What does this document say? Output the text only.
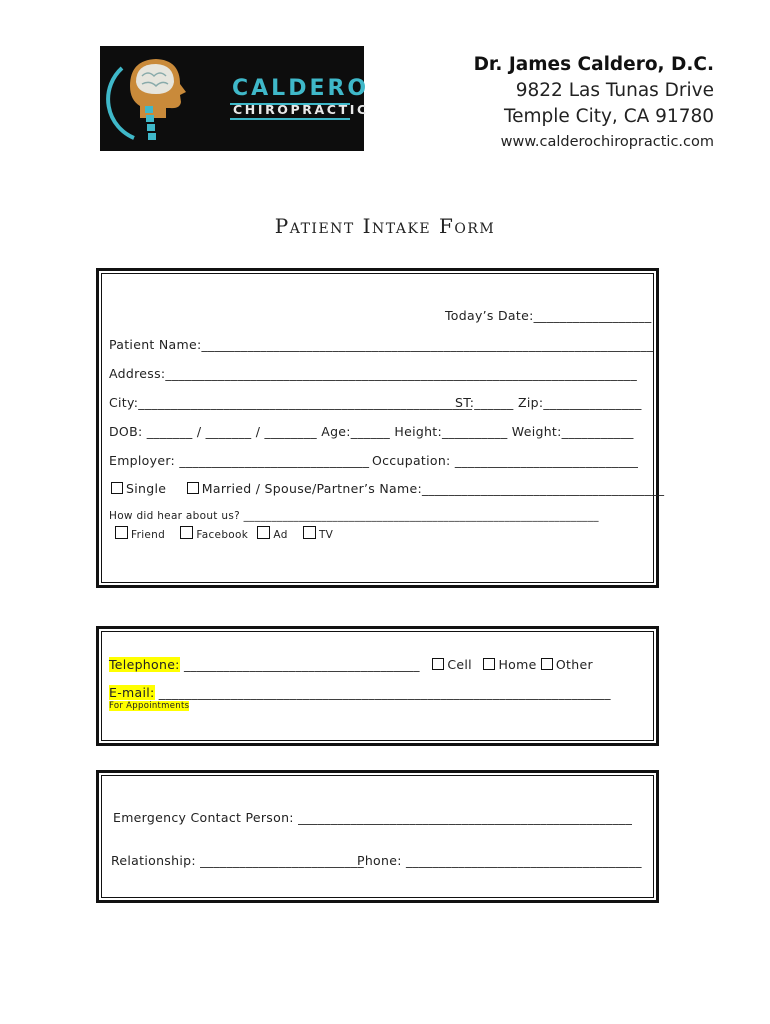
CALDERO
CHIROPRACTIC
Dr. James Caldero, D.C.
9822 Las Tunas Drive
Temple City, CA 91780
www.calderochiropractic.com
Patient Intake Form
Today’s Date:__________________
Patient Name:_____________________________________________________________________
Address:________________________________________________________________________
City:___________________________________________________
ST:______ Zip:_______________
DOB: _______ / _______ / ________ Age:______ Height:__________ Weight:___________
Employer: _____________________________ Occupation: ____________________________
Single	Married / Spouse/Partner’s Name:_____________________________________
How did hear about us? ________________________________________________________________
Friend	Facebook Ad	TV
Telephone: ____________________________________ Cell Home Other
E-mail: _____________________________________________________________________
For Appointments
Emergency Contact Person: ___________________________________________________
Relationship: _________________________
Phone: ____________________________________
